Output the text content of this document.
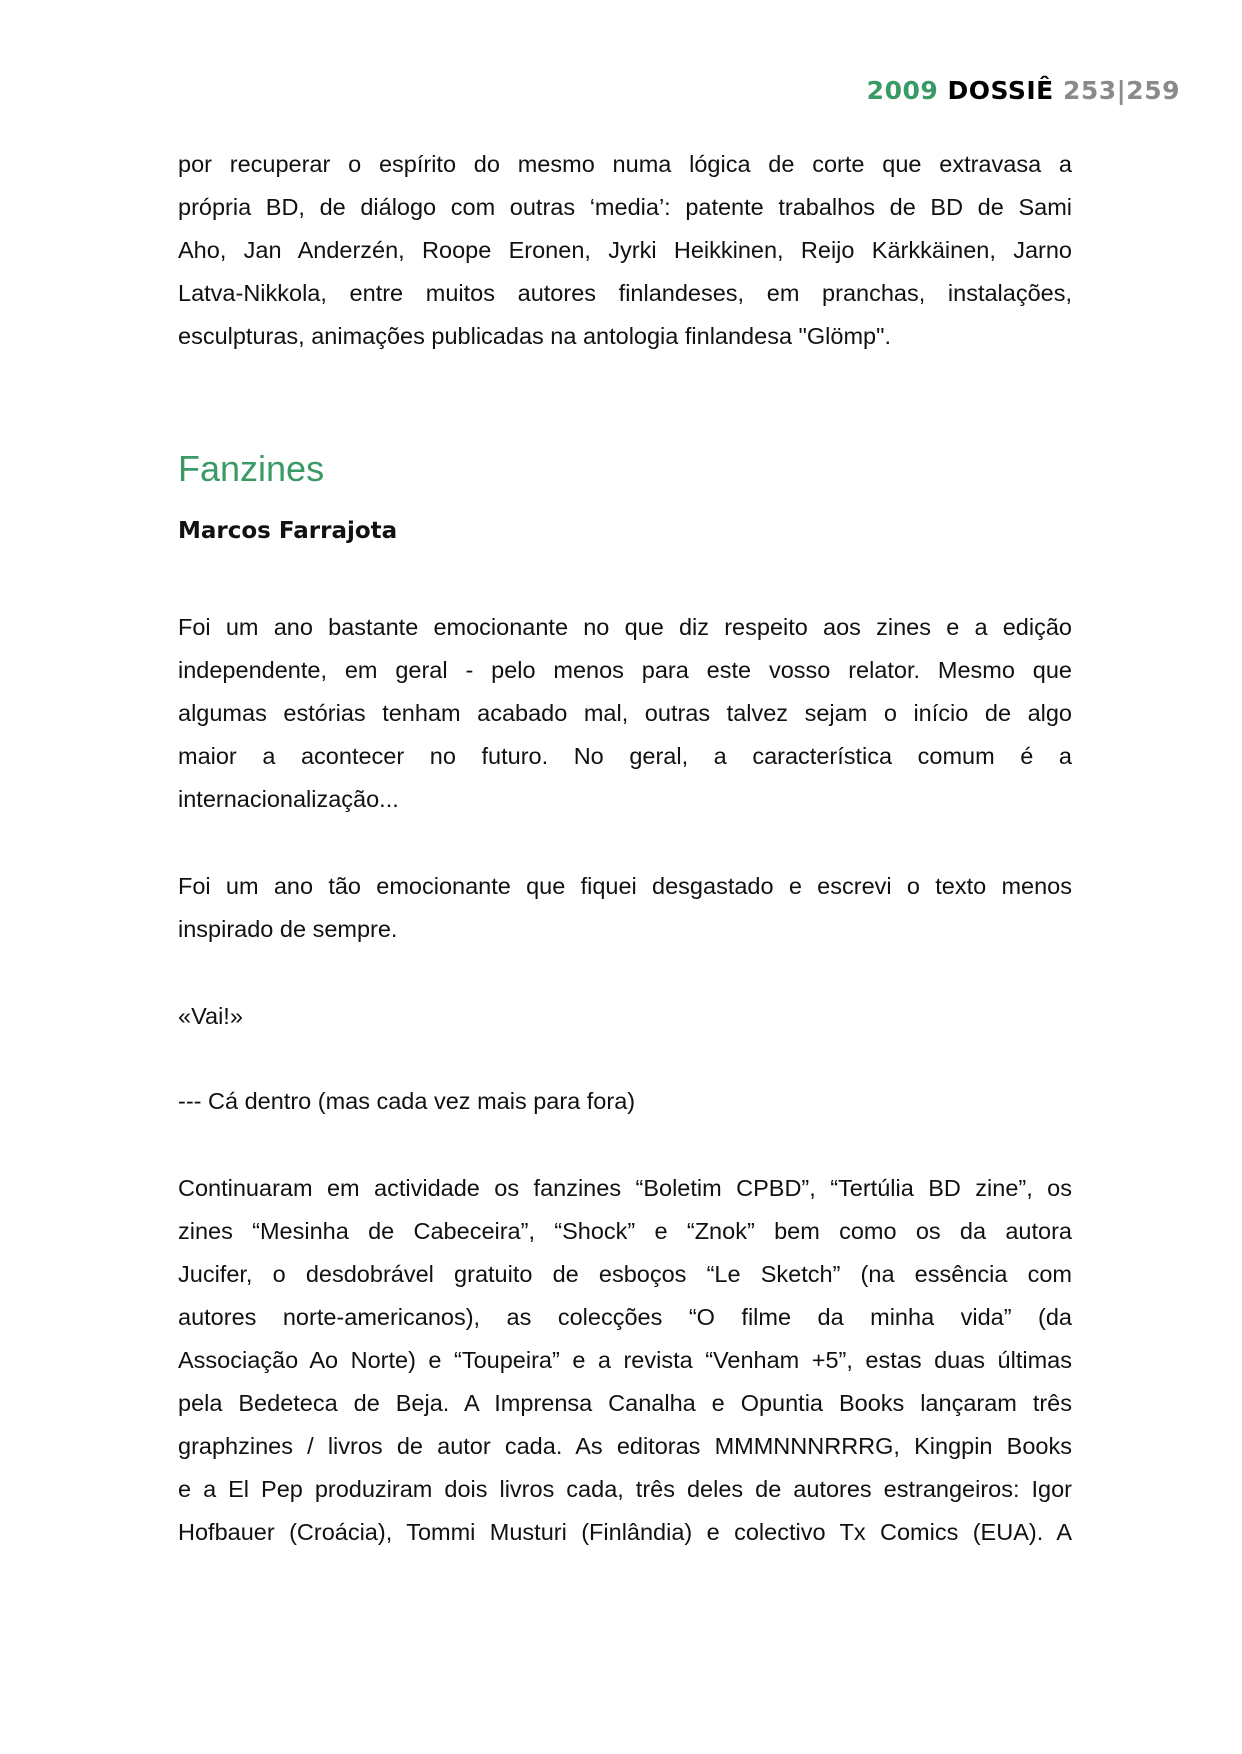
2009 DOSSIÊ 253|259
por recuperar o espírito do mesmo numa lógica de corte que extravasa a
própria BD, de diálogo com outras ‘media’: patente trabalhos de BD de Sami
Aho, Jan Anderzén, Roope Eronen, Jyrki Heikkinen, Reijo Kärkkäinen, Jarno
Latva-Nikkola, entre muitos autores finlandeses, em pranchas, instalações,
esculpturas, animações publicadas na antologia finlandesa "Glömp".
Fanzines
Marcos Farrajota
Foi um ano bastante emocionante no que diz respeito aos zines e a edição
independente, em geral - pelo menos para este vosso relator. Mesmo que
algumas estórias tenham acabado mal, outras talvez sejam o início de algo
maior a acontecer no futuro. No geral, a característica comum é a
internacionalização...
Foi um ano tão emocionante que fiquei desgastado e escrevi o texto menos
inspirado de sempre.
«Vai!»
--- Cá dentro (mas cada vez mais para fora)
Continuaram em actividade os fanzines “Boletim CPBD”, “Tertúlia BD zine”, os
zines “Mesinha de Cabeceira”, “Shock” e “Znok” bem como os da autora
Jucifer, o desdobrável gratuito de esboços “Le Sketch” (na essência com
autores norte-americanos), as colecções “O filme da minha vida” (da
Associação Ao Norte) e “Toupeira” e a revista “Venham +5”, estas duas últimas
pela Bedeteca de Beja. A Imprensa Canalha e Opuntia Books lançaram três
graphzines / livros de autor cada. As editoras MMMNNNRRRG, Kingpin Books
e a El Pep produziram dois livros cada, três deles de autores estrangeiros: Igor
Hofbauer (Croácia), Tommi Musturi (Finlândia) e colectivo Tx Comics (EUA). A
